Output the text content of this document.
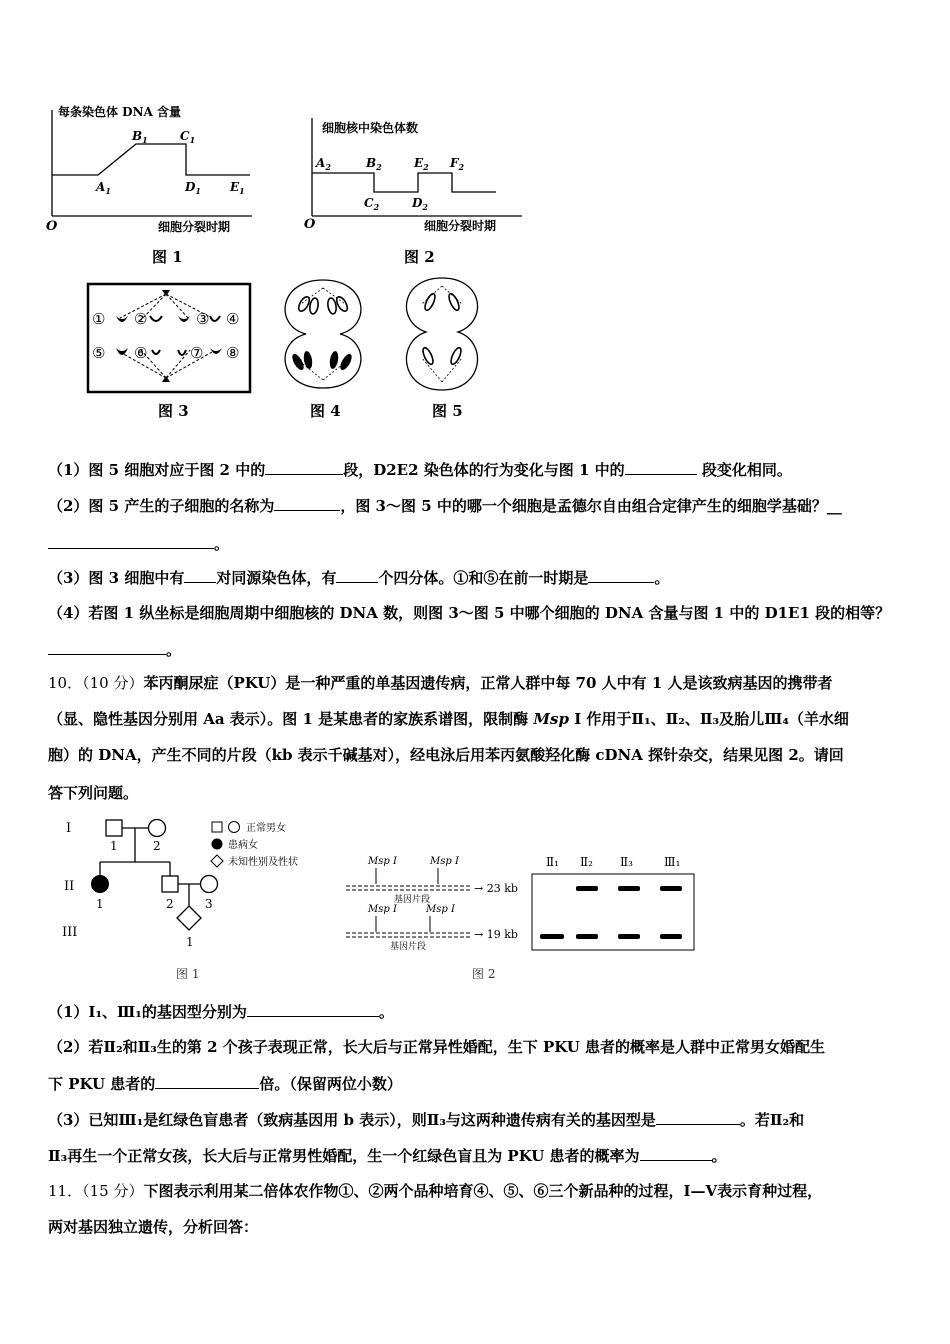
每条染色体 DNA 含量
O	细胞分裂时期
$A_1$
$B_1$	$C_1$
$D_1$ $E_1$
图 1
细胞核中染色体数
O	细胞分裂时期
$A_2$	$B_2$
$C_2$	$D_2$
$E_2$ $F_2$
图 2
① ②	③ ④
⑤ ⑥	⑦ ⑧
图 3	图 4	图 5
（1）图 5 细胞对应于图 2 中的	段，D2E2 染色体的行为变化与图 1 中的	段变化相同。
（2）图 5 产生的子细胞的名称为	，图 3～图 5 中的哪一个细胞是孟德尔自由组合定律产生的细胞学基础？__
。
（3）图 3 细胞中有 对同源染色体，有	个四分体。①和⑤在前一时期是	。
（4）若图 1 纵坐标是细胞周期中细胞核的 DNA 数，则图 3～图 5 中哪个细胞的 DNA 含量与图 1 中的 D1E1 段的相等？
。
10．（10 分）苯丙酮尿症（PKU）是一种严重的单基因遗传病，正常人群中每 70 人中有 1 人是该致病基因的携带者
（显、隐性基因分别用 Aa 表示）。图 1 是某患者的家族系谱图，限制酶 Msp I 作用于Ⅱ₁、Ⅱ₂、Ⅱ₃及胎儿Ⅲ₄（羊水细
胞）的 DNA，产生不同的片段（kb 表示千碱基对），经电泳后用苯丙氨酸羟化酶 cDNA 探针杂交，结果见图 2。请回
答下列问题。
I
II
III
1	2
1	2	3
1
正常男女
患病女
未知性别及性状
图 1
Msp I	Msp I
Msp I	Msp I
基因片段
基因片段
→ 23 kb
→ 19 kb
Ⅱ₁ Ⅱ₂ Ⅱ₃	Ⅲ₁
图 2
（1）I₁、Ⅲ₁的基因型分别为	。
（2）若Ⅱ₂和Ⅱ₃生的第 2 个孩子表现正常，长大后与正常异性婚配，生下 PKU 患者的概率是人群中正常男女婚配生
下 PKU 患者的	倍。（保留两位小数）
（3）已知Ⅲ₁是红绿色盲患者（致病基因用 b 表示），则Ⅱ₃与这两种遗传病有关的基因型是	。若Ⅱ₂和
Ⅱ₃再生一个正常女孩，长大后与正常男性婚配，生一个红绿色盲且为 PKU 患者的概率为	。
11．（15 分）下图表示利用某二倍体农作物①、②两个品种培育④、⑤、⑥三个新品种的过程，Ⅰ—Ⅴ表示育种过程，
两对基因独立遗传，分析回答：
